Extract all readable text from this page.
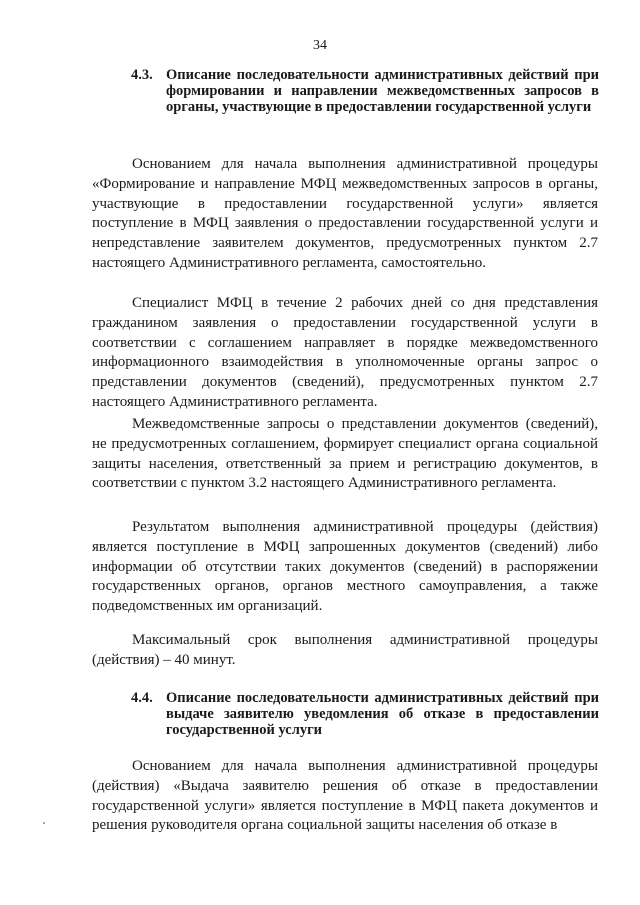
34
4.3. Описание последовательности административных действий при формировании и направлении межведомственных запросов в органы, участвующие в предоставлении государственной услуги

Основанием для начала выполнения административной процедуры «Формирование и направление МФЦ межведомственных запросов в органы, участвующие в предоставлении государственной услуги» является поступление в МФЦ заявления о предоставлении государственной услуги и непредставление заявителем документов, предусмотренных пунктом 2.7 настоящего Административного регламента, самостоятельно.

Специалист МФЦ в течение 2 рабочих дней со дня представления гражданином заявления о предоставлении государственной услуги в соответствии с соглашением направляет в порядке межведомственного информационного взаимодействия в уполномоченные органы запрос о представлении документов (сведений), предусмотренных пунктом 2.7 настоящего Административного регламента.

Межведомственные запросы о представлении документов (сведений), не предусмотренных соглашением, формирует специалист органа социальной защиты населения, ответственный за прием и регистрацию документов, в соответствии с пунктом 3.2 настоящего Административного регламента.

Результатом выполнения административной процедуры (действия) является поступление в МФЦ запрошенных документов (сведений) либо информации об отсутствии таких документов (сведений) в распоряжении государственных органов, органов местного самоуправления, а также подведомственных им организаций.

Максимальный срок выполнения административной процедуры (действия) – 40 минут.

4.4. Описание последовательности административных действий при выдаче заявителю уведомления об отказе в предоставлении государственной услуги

Основанием для начала выполнения административной процедуры (действия) «Выдача заявителю решения об отказе в предоставлении государственной услуги» является поступление в МФЦ пакета документов и решения руководителя органа социальной защиты населения об отказе в
